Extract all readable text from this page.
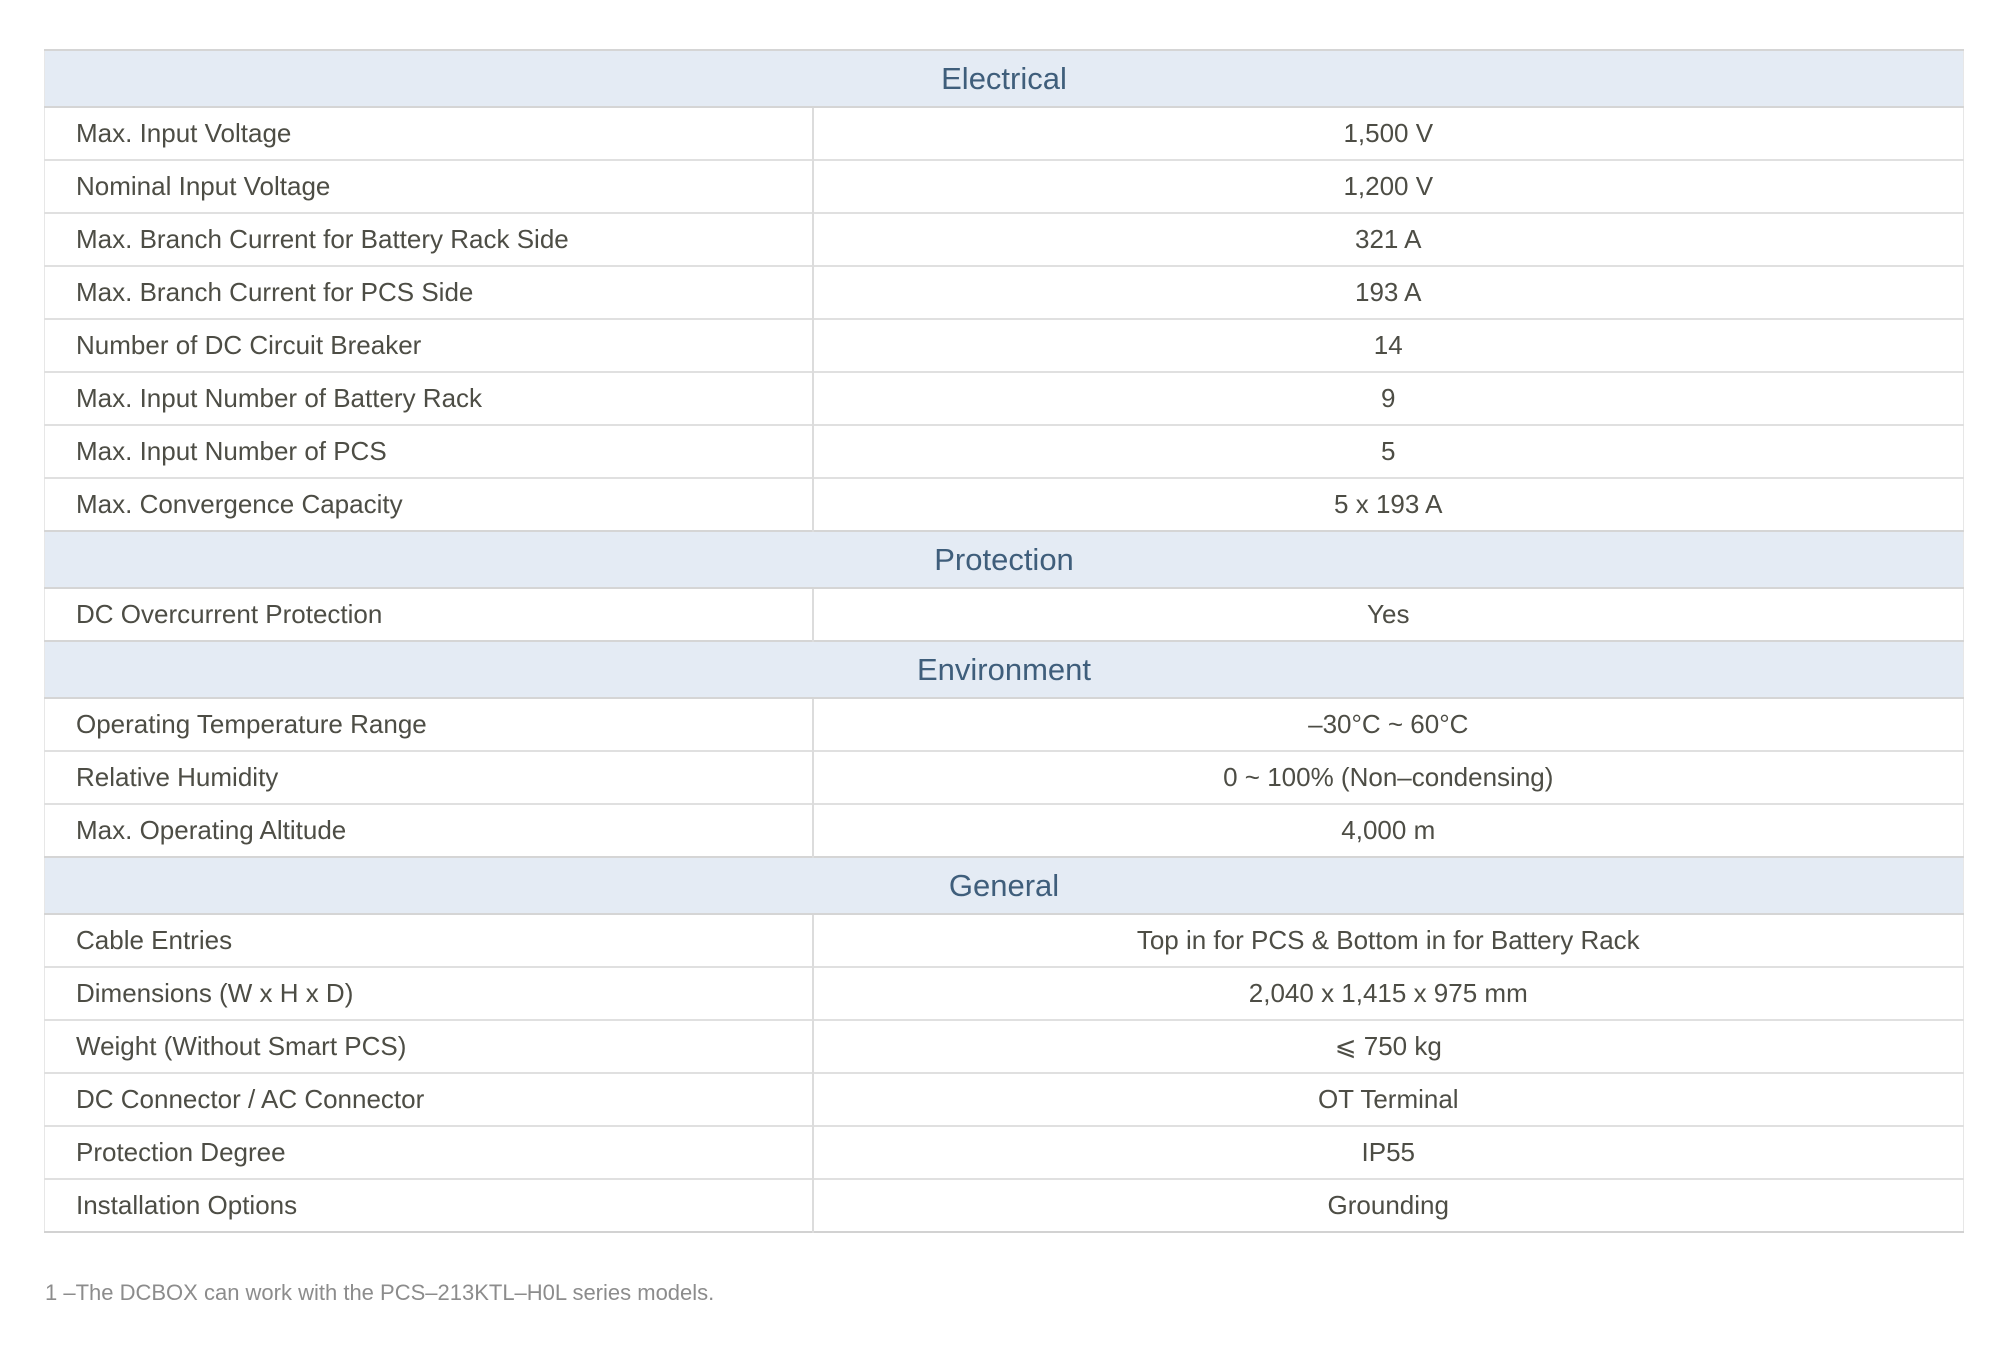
Electrical	
Max. Input Voltage	1,500 V
Nominal Input Voltage	1,200 V
Max. Branch Current for Battery Rack Side	321 A
Max. Branch Current for PCS Side	193 A
Number of DC Circuit Breaker	14
Max. Input Number of Battery Rack	9
Max. Input Number of PCS	5
Max. Convergence Capacity	5 x 193 A
Protection	
DC Overcurrent Protection	Yes
Environment	
Operating Temperature Range	–30°C ~ 60°C
Relative Humidity	0 ~ 100% (Non–condensing)
Max. Operating Altitude	4,000 m
General	
Cable Entries	Top in for PCS & Bottom in for Battery Rack
Dimensions (W x H x D)	2,040 x 1,415 x 975 mm
Weight (Without Smart PCS)	⩽ 750 kg
DC Connector / AC Connector	OT Terminal
Protection Degree	IP55
Installation Options	Grounding
1 –The DCBOX can work with the PCS–213KTL–H0L series models.
